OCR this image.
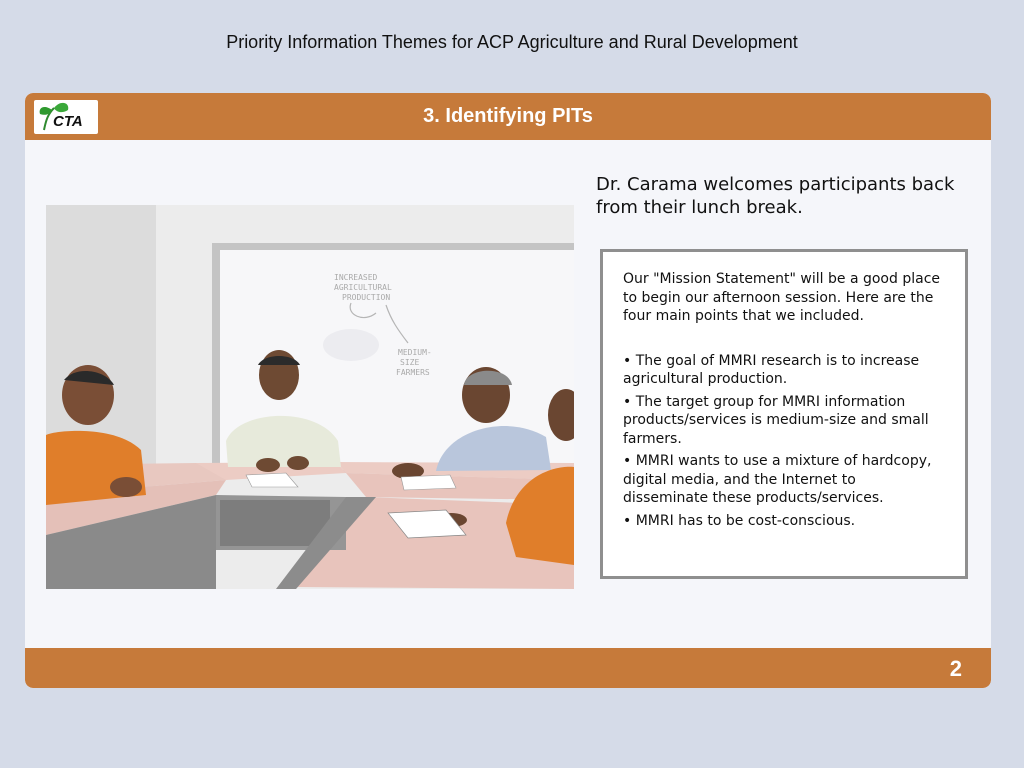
Priority Information Themes for ACP Agriculture and Rural Development
CTA	3. Identifying PITs
INCREASED
AGRICULTURAL
PRODUCTION
MEDIUM-
SIZE
FARMERS
Dr. Carama welcomes participants back from their lunch break.

Our "Mission Statement" will be a good place to begin our afternoon session. Here are the four main points that we included.

• The goal of MMRI research is to increase agricultural production.

• The target group for MMRI information products/services is medium-size and small farmers.

• MMRI wants to use a mixture of hardcopy, digital media, and the Internet to disseminate these products/services.

• MMRI has to be cost-conscious.

2
